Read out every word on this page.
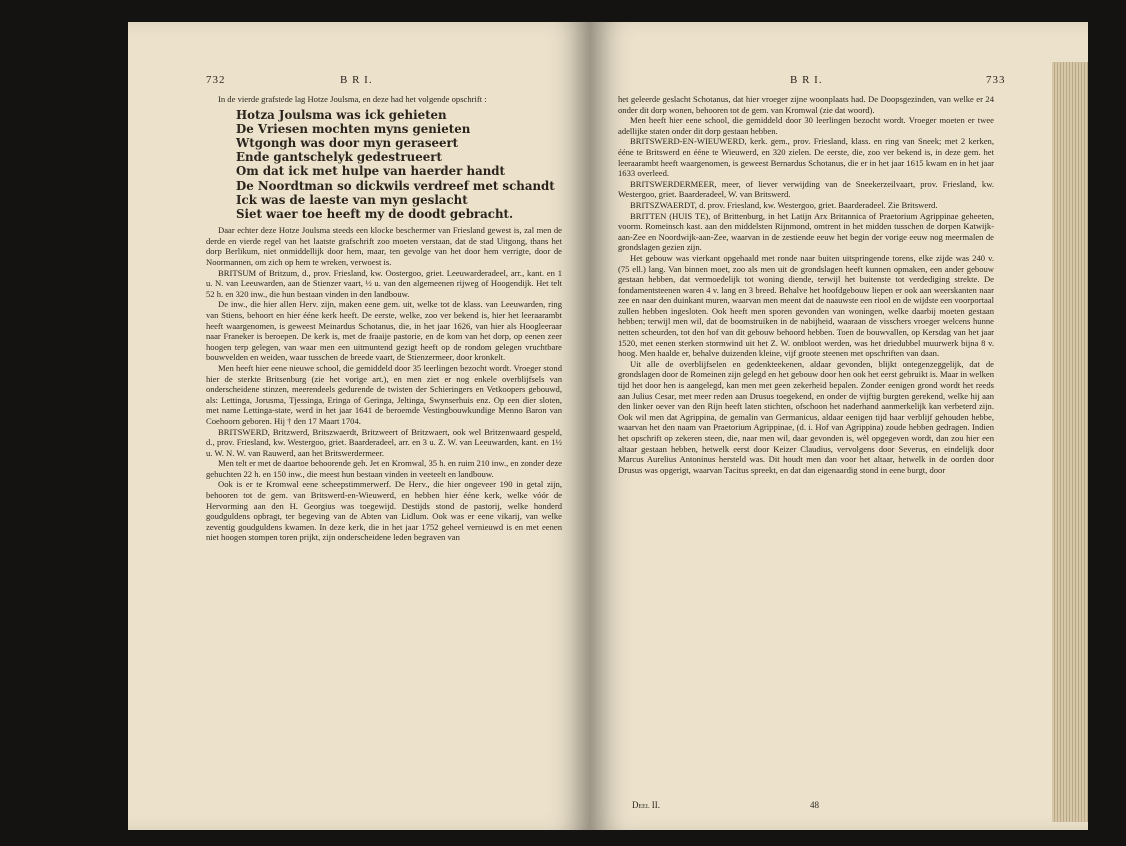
732	B R I.

In de vierde grafstede lag Hotze Joulsma, en deze had het volgende opschrift :

Hotza Joulsma was ick gehieten
De Vriesen mochten myns genieten
Wtgongh was door myn geraseert
Ende gantschelyk gedestrueert
Om dat ick met hulpe van haerder handt
De Noordtman so dickwils verdreef met schandt
Ick was de laeste van myn geslacht
Siet waer toe heeft my de doodt gebracht.

Daar echter deze Hotze Joulsma steeds een klocke beschermer van Friesland gewest is, zal men de derde en vierde regel van het laatste grafschrift zoo moeten verstaan, dat de stad Uitgong, thans het dorp Berlikum, niet onmiddellijk door hem, maar, ten gevolge van het door hem verrigte, door de Noormannen, om zich op hem te wreken, verwoest is.

BRITSUM of Britzum, d., prov. Friesland, kw. Oostergoo, griet. Leeuwarderadeel, arr., kant. en 1 u. N. van Leeuwarden, aan de Stienzer vaart, ½ u. van den algemeenen rijweg of Hoogendijk. Het telt 52 h. en 320 inw., die hun bestaan vinden in den landbouw.

De inw., die hier allen Herv. zijn, maken eene gem. uit, welke tot de klass. van Leeuwarden, ring van Stiens, behoort en hier ééne kerk heeft. De eerste, welke, zoo ver bekend is, hier het leeraarambt heeft waargenomen, is geweest Meinardus Schotanus, die, in het jaar 1626, van hier als Hoogleeraar naar Franeker is beroepen. De kerk is, met de fraaije pastorie, en de kom van het dorp, op eenen zeer hoogen terp gelegen, van waar men een uitmuntend gezigt heeft op de rondom gelegen vruchtbare bouwvelden en weiden, waar tusschen de breede vaart, de Stienzermeer, door kronkelt.

Men heeft hier eene nieuwe school, die gemiddeld door 35 leerlingen bezocht wordt. Vroeger stond hier de sterkte Britsenburg (zie het vorige art.), en men ziet er nog enkele overblijfsels van onderscheidene stinzen, meerendeels gedurende de twisten der Schieringers en Vetkoopers gebouwd, als: Lettinga, Jorusma, Tjessinga, Eringa of Geringa, Jeltinga, Swynserhuis enz. Op een dier sloten, met name Lettinga-state, werd in het jaar 1641 de beroemde Vestingbouwkundige Menno Baron van Coehoorn geboren. Hij † den 17 Maart 1704.

BRITSWERD, Britzwerd, Britszwaerdt, Britzweert of Britzwaert, ook wel Britzenwaard gespeld, d., prov. Friesland, kw. Westergoo, griet. Baarderadeel, arr. en 3 u. Z. W. van Leeuwarden, kant. en 1½ u. W. N. W. van Rauwerd, aan het Britswerdermeer.

Men telt er met de daartoe behoorende geh. Jet en Kromwal, 35 h. en ruim 210 inw., en zonder deze gehuchten 22 h. en 150 inw., die meest hun bestaan vinden in veeteelt en landbouw.

Ook is er te Kromwal eene scheepstimmerwerf. De Herv., die hier ongeveer 190 in getal zijn, behooren tot de gem. van Britswerd-en-Wieuwerd, en hebben hier ééne kerk, welke vóór de Hervorming aan den H. Georgius was toegewijd. Destijds stond de pastorij, welke honderd goudguldens opbragt, ter begeving van de Abten van Lidlum. Ook was er eene vikarij, van welke zeventig goudguldens kwamen. In deze kerk, die in het jaar 1752 geheel vernieuwd is en met eenen niet hoogen stompen toren prijkt, zijn onderscheidene leden begraven van

B R I.	733

het geleerde geslacht Schotanus, dat hier vroeger zijne woonplaats had. De Doopsgezinden, van welke er 24 onder dit dorp wonen, behooren tot de gem. van Kromwal (zie dat woord).

Men heeft hier eene school, die gemiddeld door 30 leerlingen bezocht wordt. Vroeger moeten er twee adellijke staten onder dit dorp gestaan hebben.

BRITSWERD-EN-WIEUWERD, kerk. gem., prov. Friesland, klass. en ring van Sneek; met 2 kerken, ééne te Britswerd en ééne te Wieuwerd, en 320 zielen. De eerste, die, zoo ver bekend is, in deze gem. het leeraarambt heeft waargenomen, is geweest Bernardus Schotanus, die er in het jaar 1615 kwam en in het jaar 1633 overleed.

BRITSWERDERMEER, meer, of liever verwijding van de Sneekerzeilvaart, prov. Friesland, kw. Westergoo, griet. Baarderadeel, W. van Britswerd.

BRITSZWAERDT, d. prov. Friesland, kw. Westergoo, griet. Baarderadeel. Zie Britswerd.

BRITTEN (HUIS TE), of Brittenburg, in het Latijn Arx Britannica of Praetorium Agrippinae geheeten, voorm. Romeinsch kast. aan den middelsten Rijnmond, omtrent in het midden tusschen de dorpen Katwijk-aan-Zee en Noordwijk-aan-Zee, waarvan in de zestiende eeuw het begin der vorige eeuw nog meermalen de grondslagen gezien zijn.

Het gebouw was vierkant opgehaald met ronde naar buiten uitspringende torens, elke zijde was 240 v. (75 ell.) lang. Van binnen moet, zoo als men uit de grondslagen heeft kunnen opmaken, een ander gebouw gestaan hebben, dat vermoedelijk tot woning diende, terwijl het buitenste tot verdediging strekte. De fondamentsteenen waren 4 v. lang en 3 breed. Behalve het hoofdgebouw liepen er ook aan weerskanten naar zee en naar den duinkant muren, waarvan men meent dat de naauwste een riool en de wijdste een voorportaal zullen hebben ingesloten. Ook heeft men sporen gevonden van woningen, welke daarbij moeten gestaan hebben; terwijl men wil, dat de boomstruiken in de nabijheid, waaraan de visschers vroeger welcens hunne netten scheurden, tot den hof van dit gebouw behoord hebben. Toen de bouwvallen, op Kersdag van het jaar 1520, met eenen sterken stormwind uit het Z. W. ontbloot werden, was het driedubbel muurwerk bijna 8 v. hoog. Men haalde er, behalve duizenden kleine, vijf groote steenen met opschriften van daan.

Uit alle de overblijfselen en gedenkteekenen, aldaar gevonden, blijkt ontegenzeggelijk, dat de grondslagen door de Romeinen zijn gelegd en het gebouw door hen ook het eerst gebruikt is. Maar in welken tijd het door hen is aangelegd, kan men met geen zekerheid bepalen. Zonder eenigen grond wordt het reeds aan Julius Cesar, met meer reden aan Drusus toegekend, en onder de vijftig burgten gerekend, welke hij aan den linker oever van den Rijn heeft laten stichten, ofschoon het naderhand aanmerkelijk kan verbeterd zijn. Ook wil men dat Agrippina, de gemalin van Germanicus, aldaar eenigen tijd haar verblijf gehouden hebbe, waarvan het den naam van Praetorium Agrippinae, (d. i. Hof van Agrippina) zoude hebben gedragen. Indien het opschrift op zekeren steen, die, naar men wil, daar gevonden is, wèl opgegeven wordt, dan zou hier een altaar gestaan hebben, hetwelk eerst door Keizer Claudius, vervolgens door Severus, en eindelijk door Marcus Aurelius Antoninus hersteld was. Dit houdt men dan voor het altaar, hetwelk in de oorden door Drusus was opgerigt, waarvan Tacitus spreekt, en dat dan eigenaardig stond in eene burgt, door

Deel II.	48
